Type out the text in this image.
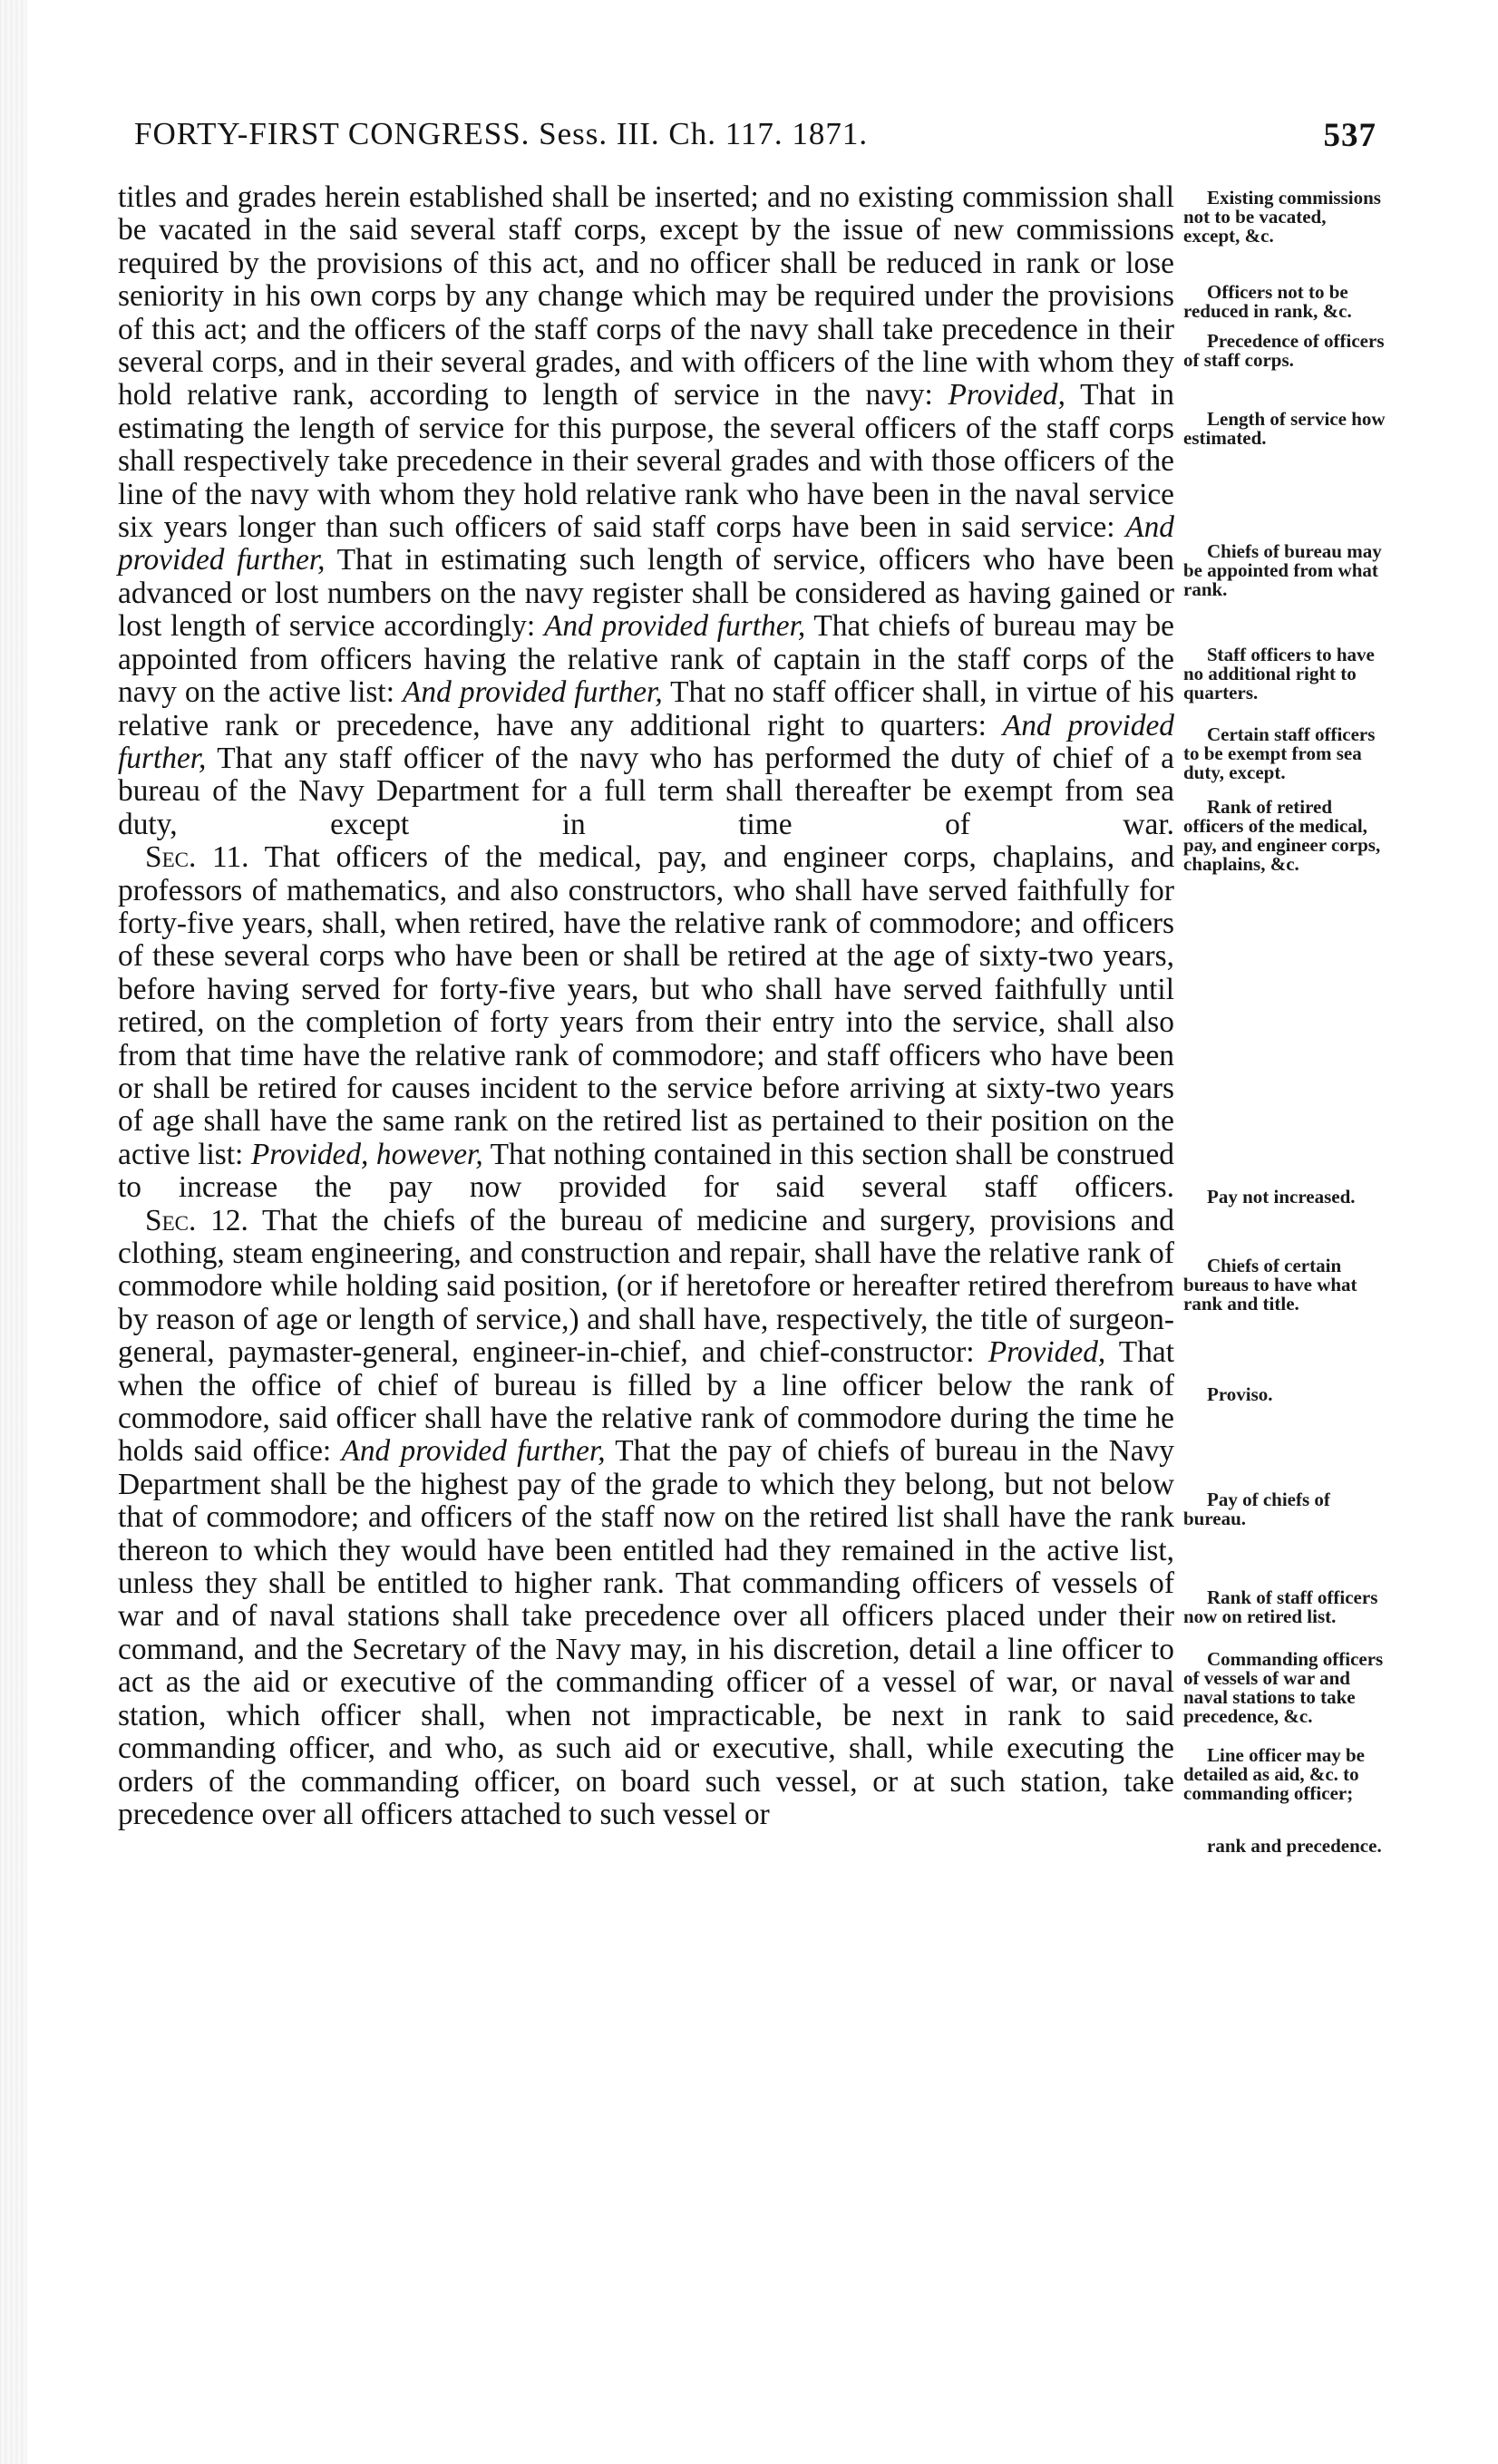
FORTY-FIRST CONGRESS. Sess. III. Ch. 117. 1871.	537

titles and grades herein established shall be inserted; and no existing commission shall be vacated in the said several staff corps, except by the issue of new commissions required by the provisions of this act, and no officer shall be reduced in rank or lose seniority in his own corps by any change which may be required under the provisions of this act; and the officers of the staff corps of the navy shall take precedence in their several corps, and in their several grades, and with officers of the line with whom they hold relative rank, according to length of service in the navy: Provided, That in estimating the length of service for this purpose, the several officers of the staff corps shall respectively take precedence in their several grades and with those officers of the line of the navy with whom they hold relative rank who have been in the naval service six years longer than such officers of said staff corps have been in said service: And provided further, That in estimating such length of service, officers who have been advanced or lost numbers on the navy register shall be considered as having gained or lost length of service accordingly: And provided further, That chiefs of bureau may be appointed from officers having the relative rank of captain in the staff corps of the navy on the active list: And provided further, That no staff officer shall, in virtue of his relative rank or precedence, have any additional right to quarters: And provided further, That any staff officer of the navy who has performed the duty of chief of a bureau of the Navy Department for a full term shall thereafter be exempt from sea duty, except in time of war.

Sec. 11. That officers of the medical, pay, and engineer corps, chaplains, and professors of mathematics, and also constructors, who shall have served faithfully for forty-five years, shall, when retired, have the relative rank of commodore; and officers of these several corps who have been or shall be retired at the age of sixty-two years, before having served for forty-five years, but who shall have served faithfully until retired, on the completion of forty years from their entry into the service, shall also from that time have the relative rank of commodore; and staff officers who have been or shall be retired for causes incident to the service before arriving at sixty-two years of age shall have the same rank on the retired list as pertained to their position on the active list: Provided, however, That nothing contained in this section shall be construed to increase the pay now provided for said several staff officers.

Sec. 12. That the chiefs of the bureau of medicine and surgery, provisions and clothing, steam engineering, and construction and repair, shall have the relative rank of commodore while holding said position, (or if heretofore or hereafter retired therefrom by reason of age or length of service,) and shall have, respectively, the title of surgeon-general, paymaster-general, engineer-in-chief, and chief-constructor: Provided, That when the office of chief of bureau is filled by a line officer below the rank of commodore, said officer shall have the relative rank of commodore during the time he holds said office: And provided further, That the pay of chiefs of bureau in the Navy Department shall be the highest pay of the grade to which they belong, but not below that of commodore; and officers of the staff now on the retired list shall have the rank thereon to which they would have been entitled had they remained in the active list, unless they shall be entitled to higher rank. That commanding officers of vessels of war and of naval stations shall take precedence over all officers placed under their command, and the Secretary of the Navy may, in his discretion, detail a line officer to act as the aid or executive of the commanding officer of a vessel of war, or naval station, which officer shall, when not impracticable, be next in rank to said commanding officer, and who, as such aid or executive, shall, while executing the orders of the commanding officer, on board such vessel, or at such station, take precedence over all officers attached to such vessel or

Existing commissions not to be vacated, except, &c.
Officers not to be reduced in rank, &c.
Precedence of officers of staff corps.
Length of service how estimated.
Chiefs of bureau may be appointed from what rank.
Staff officers to have no additional right to quarters.
Certain staff officers to be exempt from sea duty, except.
Rank of retired officers of the medical, pay, and engineer corps, chaplains, &c.
Pay not increased.
Chiefs of certain bureaus to have what rank and title.
Proviso.
Pay of chiefs of bureau.
Rank of staff officers now on retired list.
Commanding officers of vessels of war and naval stations to take precedence, &c.
Line officer may be detailed as aid, &c. to commanding officer;
rank and precedence.
